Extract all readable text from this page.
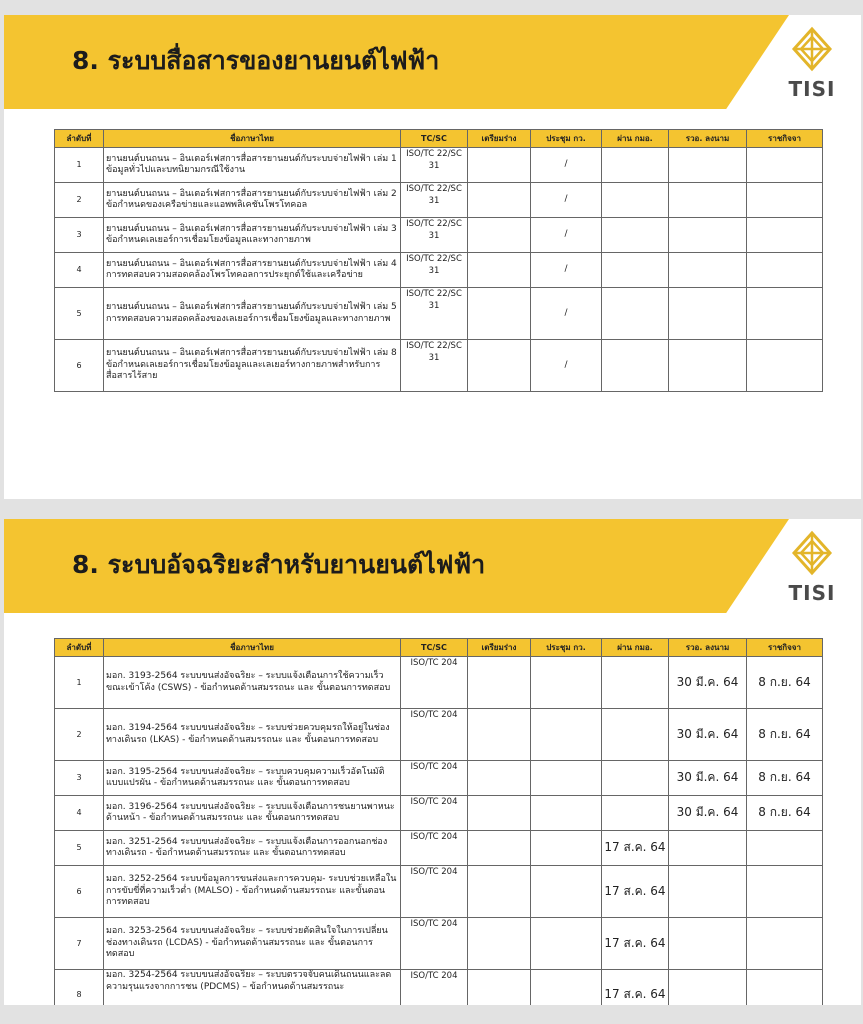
8. ระบบสื่อสารของยานยนต์ไฟฟ้า
TISI
ลำดับที่	ชื่อภาษาไทย	TC/SC	เตรียมร่าง	ประชุม กว.	ผ่าน กมอ.	รวอ. ลงนาม	ราชกิจจา
1	ยานยนต์บนถนน – อินเตอร์เฟสการสื่อสารยานยนต์กับระบบจ่ายไฟฟ้า เล่ม 1 ข้อมูลทั่วไปและบทนิยามกรณีใช้งาน	ISO/TC 22/SC 31		/			
2	ยานยนต์บนถนน – อินเตอร์เฟสการสื่อสารยานยนต์กับระบบจ่ายไฟฟ้า เล่ม 2 ข้อกำหนดของเครือข่ายและแอพพลิเคชันโพรโทคอล	ISO/TC 22/SC 31		/			
3	ยานยนต์บนถนน – อินเตอร์เฟสการสื่อสารยานยนต์กับระบบจ่ายไฟฟ้า เล่ม 3 ข้อกำหนดเลเยอร์การเชื่อมโยงข้อมูลและทางกายภาพ	ISO/TC 22/SC 31		/			
4	ยานยนต์บนถนน – อินเตอร์เฟสการสื่อสารยานยนต์กับระบบจ่ายไฟฟ้า เล่ม 4 การทดสอบความสอดคล้องโพรโทคอลการประยุกต์ใช้และเครือข่าย	ISO/TC 22/SC 31		/			
5	ยานยนต์บนถนน – อินเตอร์เฟสการสื่อสารยานยนต์กับระบบจ่ายไฟฟ้า เล่ม 5 การทดสอบความสอดคล้องของเลเยอร์การเชื่อมโยงข้อมูลและทางกายภาพ	ISO/TC 22/SC 31		/			
6	ยานยนต์บนถนน – อินเตอร์เฟสการสื่อสารยานยนต์กับระบบจ่ายไฟฟ้า เล่ม 8 ข้อกำหนดเลเยอร์การเชื่อมโยงข้อมูลและเลเยอร์ทางกายภาพสำหรับการสื่อสารไร้สาย	ISO/TC 22/SC 31		/			
8. ระบบอัจฉริยะสำหรับยานยนต์ไฟฟ้า
TISI
ลำดับที่	ชื่อภาษาไทย	TC/SC	เตรียมร่าง	ประชุม กว.	ผ่าน กมอ.	รวอ. ลงนาม	ราชกิจจา
1	มอก. 3193-2564 ระบบขนส่งอัจฉริยะ – ระบบแจ้งเตือนการใช้ความเร็วขณะเข้าโค้ง (CSWS) - ข้อกำหนดด้านสมรรถนะ และ ขั้นตอนการทดสอบ	ISO/TC 204				30 มี.ค. 64	8 ก.ย. 64
2	มอก. 3194-2564 ระบบขนส่งอัจฉริยะ – ระบบช่วยควบคุมรถให้อยู่ในช่องทางเดินรถ (LKAS) - ข้อกำหนดด้านสมรรถนะ และ ขั้นตอนการทดสอบ	ISO/TC 204				30 มี.ค. 64	8 ก.ย. 64
3	มอก. 3195-2564 ระบบขนส่งอัจฉริยะ – ระบบควบคุมความเร็วอัตโนมัติแบบแปรผัน - ข้อกำหนดด้านสมรรถนะ และ ขั้นตอนการทดสอบ	ISO/TC 204				30 มี.ค. 64	8 ก.ย. 64
4	มอก. 3196-2564 ระบบขนส่งอัจฉริยะ – ระบบแจ้งเตือนการชนยานพาหนะด้านหน้า - ข้อกำหนดด้านสมรรถนะ และ ขั้นตอนการทดสอบ	ISO/TC 204				30 มี.ค. 64	8 ก.ย. 64
5	มอก. 3251-2564 ระบบขนส่งอัจฉริยะ – ระบบแจ้งเตือนการออกนอกช่องทางเดินรถ - ข้อกำหนดด้านสมรรถนะ และ ขั้นตอนการทดสอบ	ISO/TC 204			17 ส.ค. 64		
6	มอก. 3252-2564 ระบบข้อมูลการขนส่งและการควบคุม- ระบบช่วยเหลือในการขับขี่ที่ความเร็วต่ำ (MALSO) - ข้อกำหนดด้านสมรรถนะ และขั้นตอนการทดสอบ	ISO/TC 204			17 ส.ค. 64		
7	มอก. 3253-2564 ระบบขนส่งอัจฉริยะ – ระบบช่วยตัดสินใจในการเปลี่ยนช่องทางเดินรถ (LCDAS) - ข้อกำหนดด้านสมรรถนะ และ ขั้นตอนการทดสอบ	ISO/TC 204			17 ส.ค. 64		
8	มอก. 3254-2564 ระบบขนส่งอัจฉริยะ – ระบบตรวจจับคนเดินถนนและลดความรุนแรงจากการชน (PDCMS) – ข้อกำหนดด้านสมรรถนะ	ISO/TC 204			17 ส.ค. 64		
